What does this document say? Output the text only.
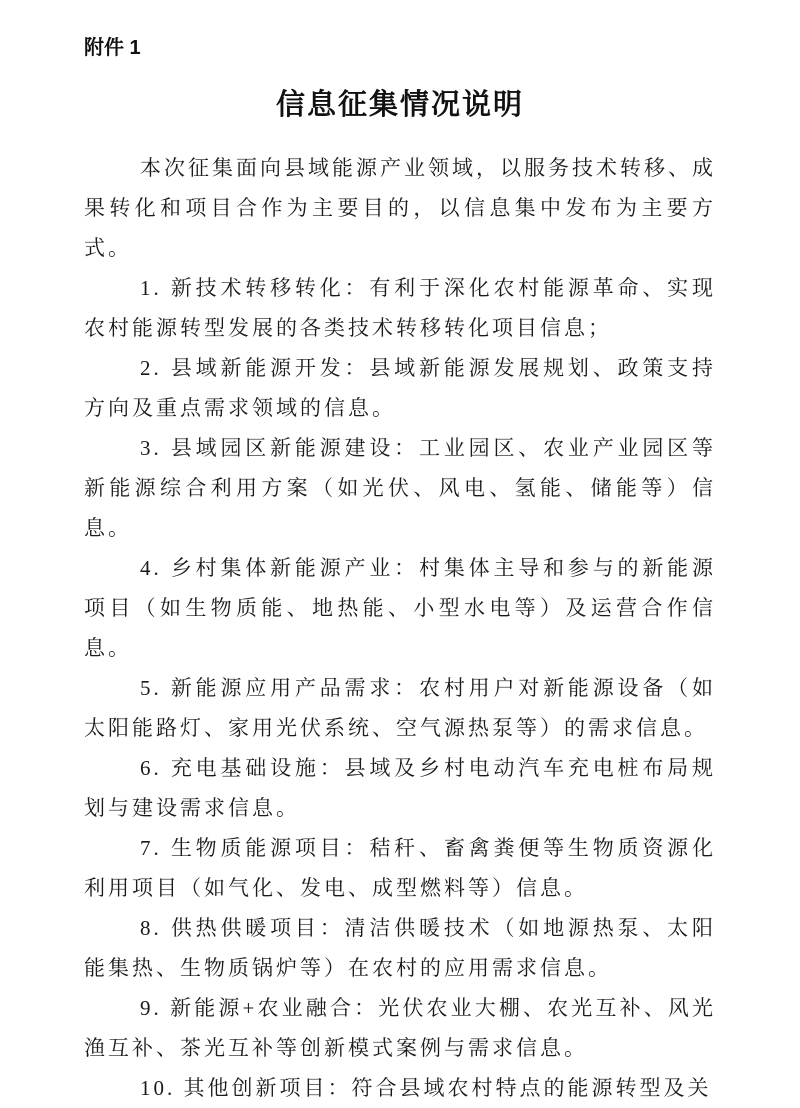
附件 1
信息征集情况说明

本次征集面向县域能源产业领域，以服务技术转移、成果转化和项目合作为主要目的，以信息集中发布为主要方式。

1. 新技术转移转化：有利于深化农村能源革命、实现农村能源转型发展的各类技术转移转化项目信息；

2. 县域新能源开发：县域新能源发展规划、政策支持方向及重点需求领域的信息。

3. 县域园区新能源建设：工业园区、农业产业园区等新能源综合利用方案（如光伏、风电、氢能、储能等）信息。

4. 乡村集体新能源产业：村集体主导和参与的新能源项目（如生物质能、地热能、小型水电等）及运营合作信息。

5. 新能源应用产品需求：农村用户对新能源设备（如太阳能路灯、家用光伏系统、空气源热泵等）的需求信息。

6. 充电基础设施：县域及乡村电动汽车充电桩布局规划与建设需求信息。

7. 生物质能源项目：秸秆、畜禽粪便等生物质资源化利用项目（如气化、发电、成型燃料等）信息。

8. 供热供暖项目：清洁供暖技术（如地源热泵、太阳能集热、生物质锅炉等）在农村的应用需求信息。

9. 新能源+农业融合：光伏农业大棚、农光互补、风光渔互补、茶光互补等创新模式案例与需求信息。

10. 其他创新项目：符合县域农村特点的能源转型及关
